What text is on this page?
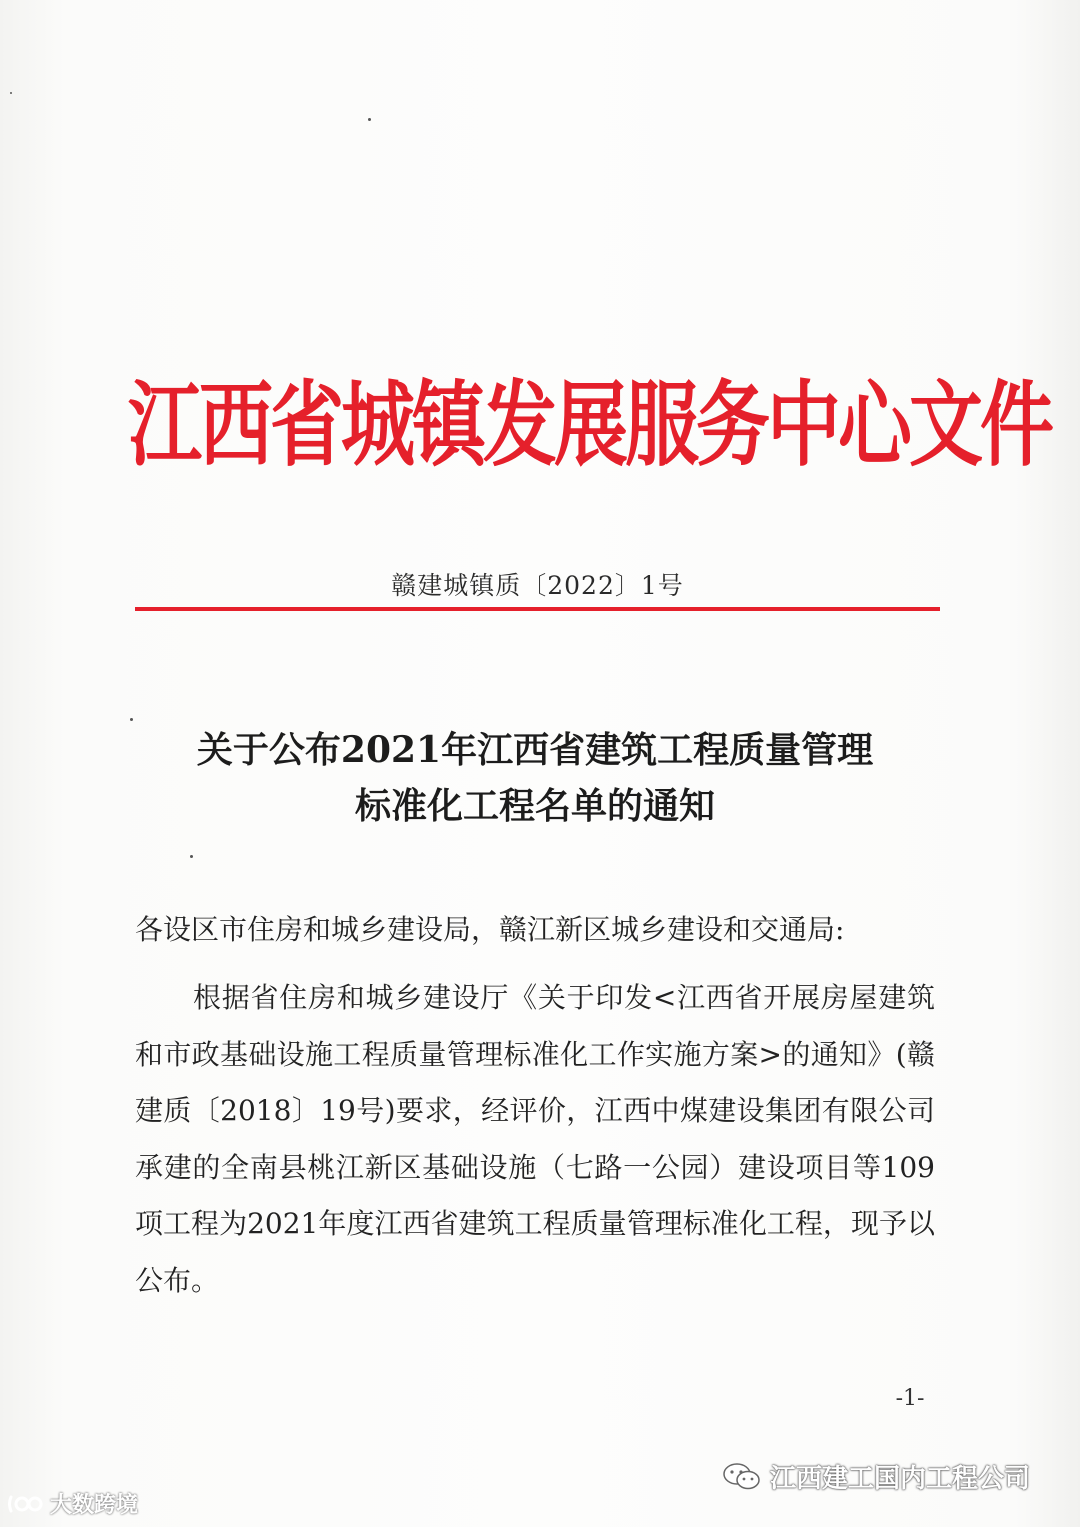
江西省城镇发展服务中心文件
赣建城镇质〔2022〕1号
关于公布2021年江西省建筑工程质量管理
标准化工程名单的通知
各设区市住房和城乡建设局，赣江新区城乡建设和交通局:
根据省住房和城乡建设厅《关于印发<江西省开展房屋建筑和市政基础设施工程质量管理标准化工作实施方案>的通知》(赣建质〔2018〕19号)要求，经评价，江西中煤建设集团有限公司承建的全南县桃江新区基础设施（七路一公园）建设项目等109项工程为2021年度江西省建筑工程质量管理标准化工程，现予以公布。
-1-
大数跨境
江西建工国内工程公司
